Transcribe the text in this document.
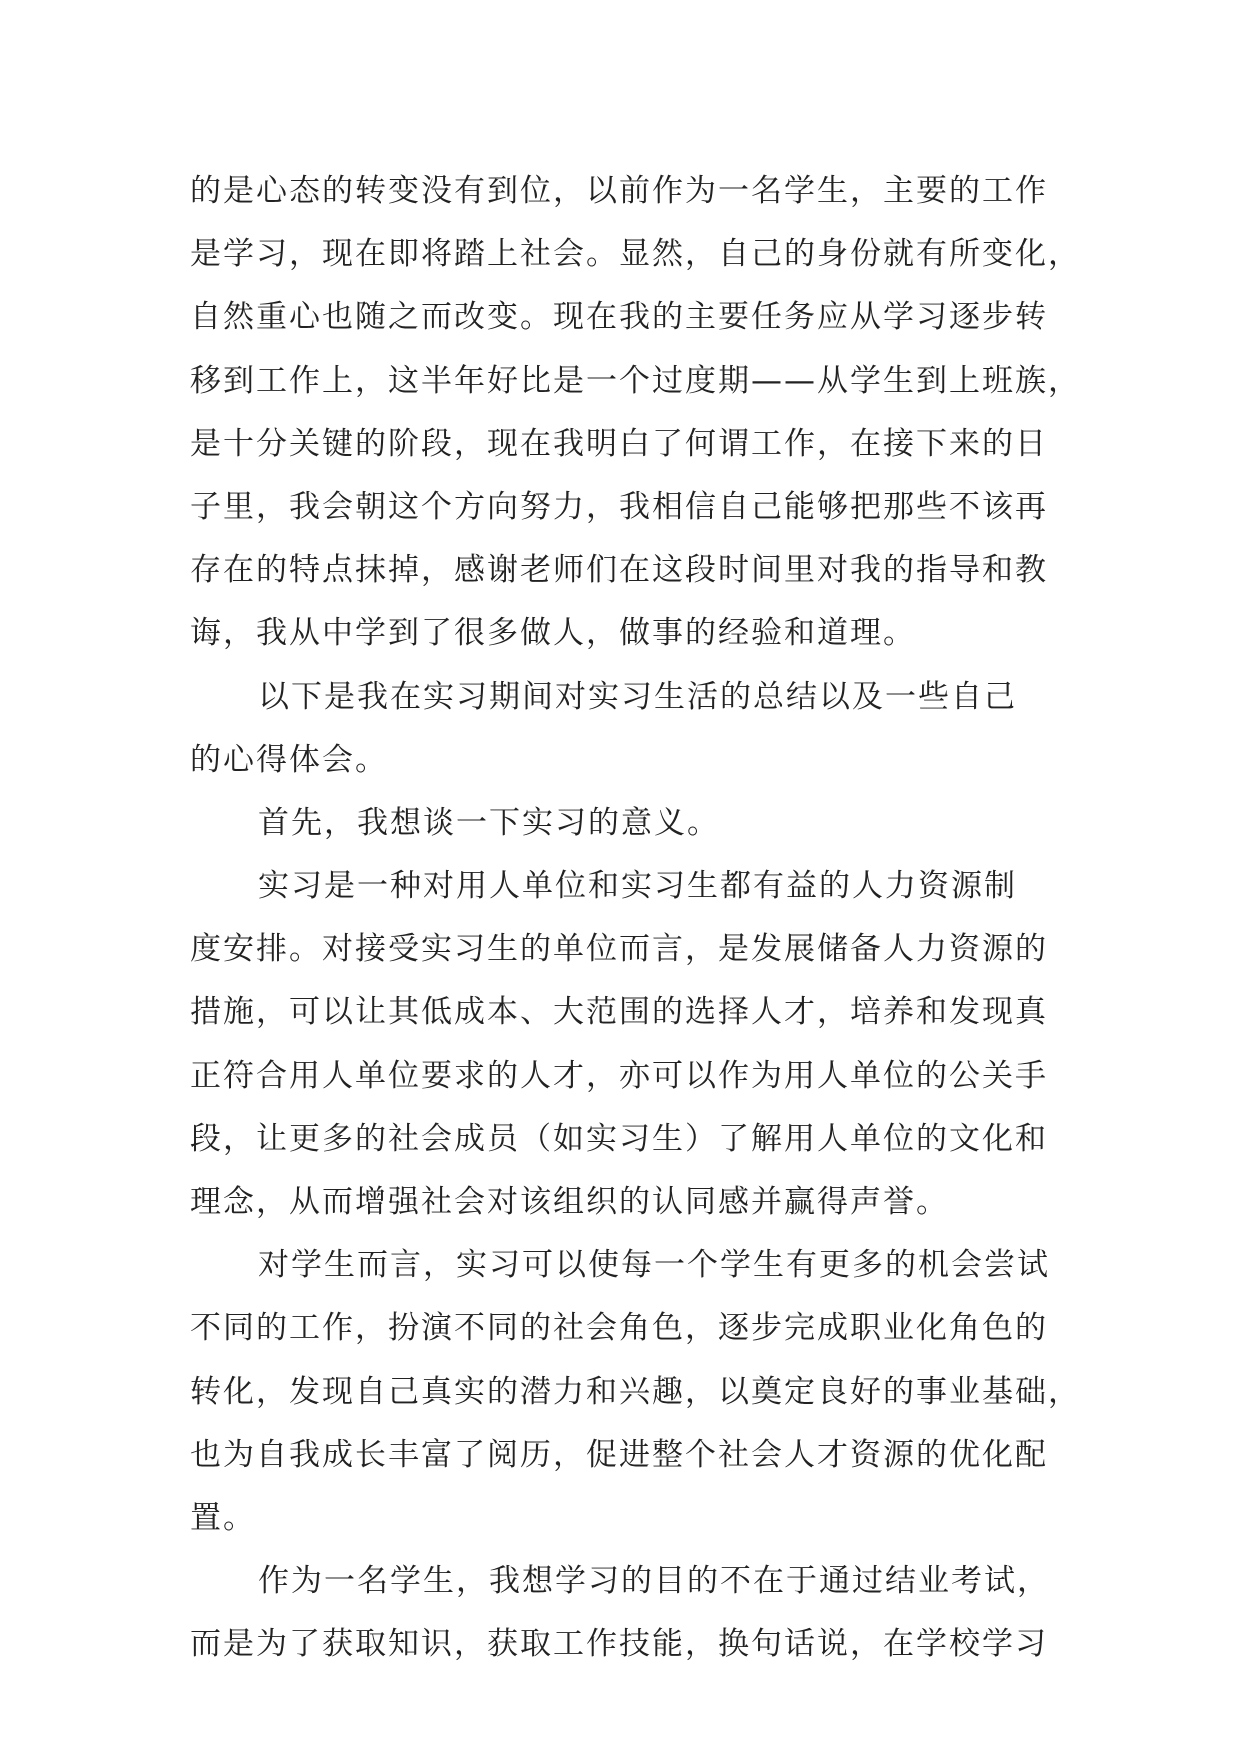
的是心态的转变没有到位，以前作为一名学生，主要的工作
是学习，现在即将踏上社会。显然，自己的身份就有所变化，
自然重心也随之而改变。现在我的主要任务应从学习逐步转
移到工作上，这半年好比是一个过度期——从学生到上班族，
是十分关键的阶段，现在我明白了何谓工作，在接下来的日
子里，我会朝这个方向努力，我相信自己能够把那些不该再
存在的特点抹掉，感谢老师们在这段时间里对我的指导和教
诲，我从中学到了很多做人，做事的经验和道理。
以下是我在实习期间对实习生活的总结以及一些自己
的心得体会。
首先，我想谈一下实习的意义。
实习是一种对用人单位和实习生都有益的人力资源制
度安排。对接受实习生的单位而言，是发展储备人力资源的
措施，可以让其低成本、大范围的选择人才，培养和发现真
正符合用人单位要求的人才，亦可以作为用人单位的公关手
段，让更多的社会成员（如实习生）了解用人单位的文化和
理念，从而增强社会对该组织的认同感并赢得声誉。
对学生而言，实习可以使每一个学生有更多的机会尝试
不同的工作，扮演不同的社会角色，逐步完成职业化角色的
转化，发现自己真实的潜力和兴趣，以奠定良好的事业基础，
也为自我成长丰富了阅历，促进整个社会人才资源的优化配
置。
作为一名学生，我想学习的目的不在于通过结业考试，
而是为了获取知识，获取工作技能，换句话说，在学校学习
